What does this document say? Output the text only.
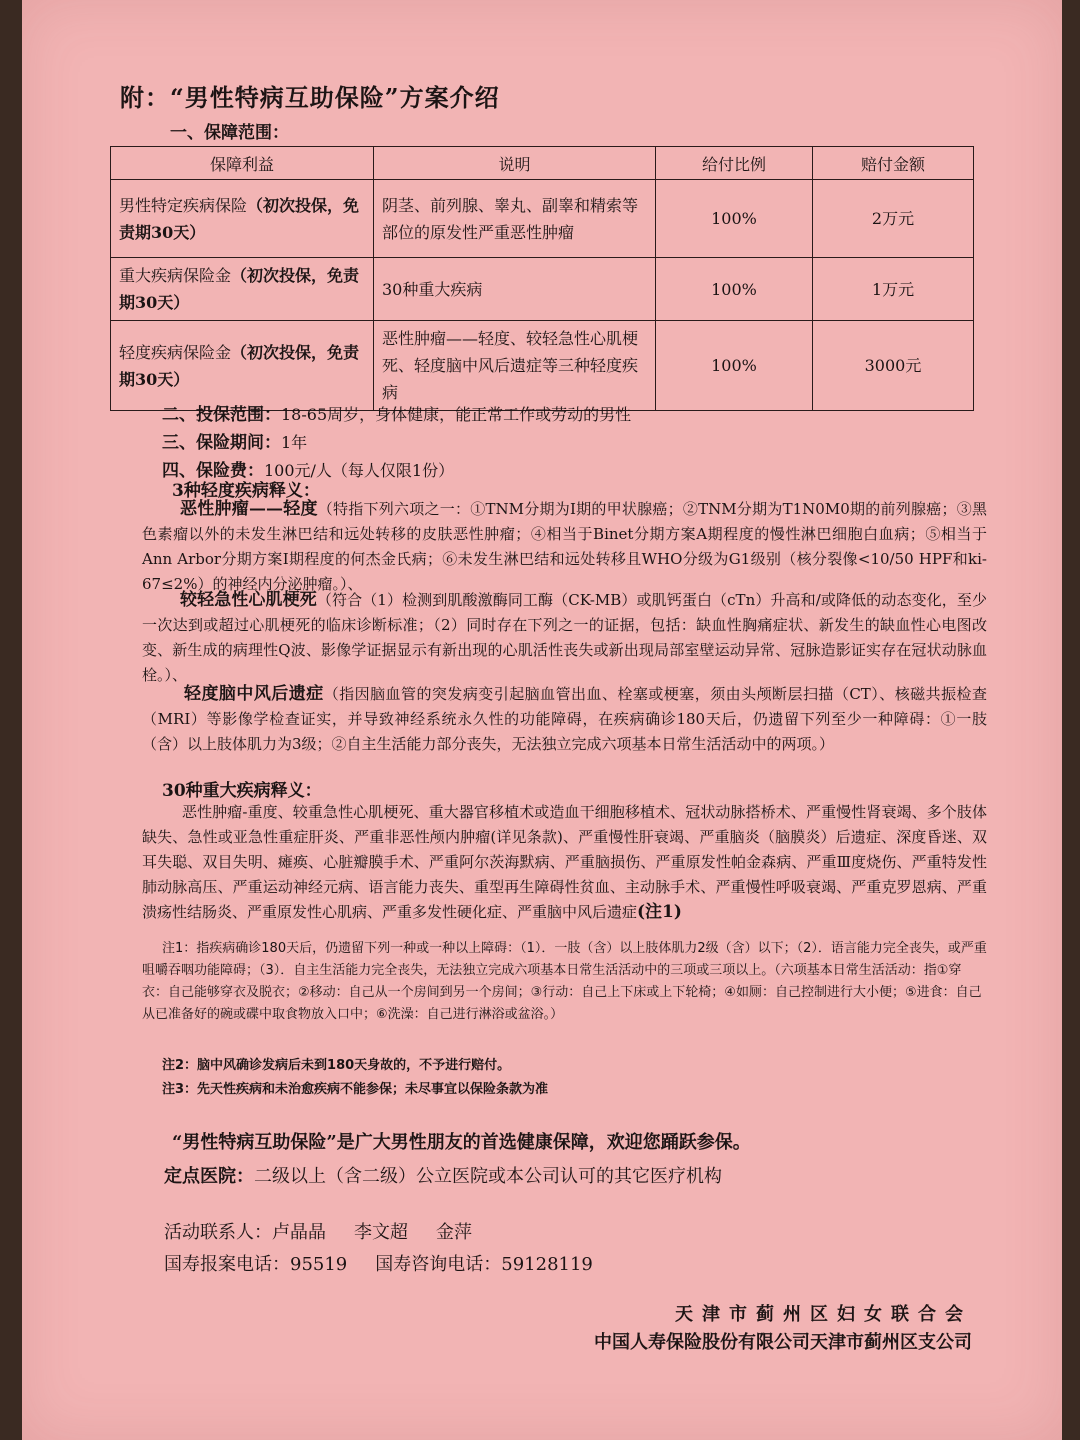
附：“男性特病互助保险”方案介绍
一、保障范围：
保障利益	说明	给付比例	赔付金额
男性特定疾病保险（初次投保，免责期30天）	阴茎、前列腺、睾丸、副睾和精索等部位的原发性严重恶性肿瘤	100%	2万元
重大疾病保险金（初次投保，免责期30天）	30种重大疾病	100%	1万元
轻度疾病保险金（初次投保，免责期30天）	恶性肿瘤——轻度、较轻急性心肌梗死、轻度脑中风后遗症等三种轻度疾病	100%	3000元
二、投保范围：18-65周岁，身体健康，能正常工作或劳动的男性
三、保险期间：1年
四、保险费：100元/人（每人仅限1份）
3种轻度疾病释义：
恶性肿瘤——轻度（特指下列六项之一：①TNM分期为Ⅰ期的甲状腺癌；②TNM分期为T1N0M0期的前列腺癌；③黑色素瘤以外的未发生淋巴结和远处转移的皮肤恶性肿瘤；④相当于Binet分期方案A期程度的慢性淋巴细胞白血病；⑤相当于Ann Arbor分期方案Ⅰ期程度的何杰金氏病；⑥未发生淋巴结和远处转移且WHO分级为G1级别（核分裂像<10/50 HPF和ki-67≤2%）的神经内分泌肿瘤。）、
较轻急性心肌梗死（符合（1）检测到肌酸激酶同工酶（CK-MB）或肌钙蛋白（cTn）升高和/或降低的动态变化，至少一次达到或超过心肌梗死的临床诊断标准；（2）同时存在下列之一的证据，包括：缺血性胸痛症状、新发生的缺血性心电图改变、新生成的病理性Q波、影像学证据显示有新出现的心肌活性丧失或新出现局部室壁运动异常、冠脉造影证实存在冠状动脉血栓。）、
轻度脑中风后遗症（指因脑血管的突发病变引起脑血管出血、栓塞或梗塞，须由头颅断层扫描（CT）、核磁共振检查（MRI）等影像学检查证实，并导致神经系统永久性的功能障碍，在疾病确诊180天后，仍遗留下列至少一种障碍：①一肢（含）以上肢体肌力为3级；②自主生活能力部分丧失，无法独立完成六项基本日常生活活动中的两项。）
30种重大疾病释义：
恶性肿瘤-重度、较重急性心肌梗死、重大器官移植术或造血干细胞移植术、冠状动脉搭桥术、严重慢性肾衰竭、多个肢体缺失、急性或亚急性重症肝炎、严重非恶性颅内肿瘤(详见条款)、严重慢性肝衰竭、严重脑炎（脑膜炎）后遗症、深度昏迷、双耳失聪、双目失明、瘫痪、心脏瓣膜手术、严重阿尔茨海默病、严重脑损伤、严重原发性帕金森病、严重Ⅲ度烧伤、严重特发性肺动脉高压、严重运动神经元病、语言能力丧失、重型再生障碍性贫血、主动脉手术、严重慢性呼吸衰竭、严重克罗恩病、严重溃疡性结肠炎、严重原发性心肌病、严重多发性硬化症、严重脑中风后遗症(注1)
注1：指疾病确诊180天后，仍遗留下列一种或一种以上障碍：（1）．一肢（含）以上肢体肌力2级（含）以下；（2）．语言能力完全丧失，或严重咀嚼吞咽功能障碍；（3）．自主生活能力完全丧失，无法独立完成六项基本日常生活活动中的三项或三项以上。（六项基本日常生活活动：指①穿衣：自己能够穿衣及脱衣；②移动：自己从一个房间到另一个房间；③行动：自己上下床或上下轮椅；④如厕：自己控制进行大小便；⑤进食：自己从已准备好的碗或碟中取食物放入口中；⑥洗澡：自己进行淋浴或盆浴。）
注2：脑中风确诊发病后未到180天身故的，不予进行赔付。
注3：先天性疾病和未治愈疾病不能参保；未尽事宜以保险条款为准
“男性特病互助保险”是广大男性朋友的首选健康保障，欢迎您踊跃参保。
定点医院：二级以上（含二级）公立医院或本公司认可的其它医疗机构
活动联系人：卢晶晶 李文超 金萍
国寿报案电话：95519 国寿咨询电话：59128119
天津市蓟州区妇女联合会
中国人寿保险股份有限公司天津市蓟州区支公司
